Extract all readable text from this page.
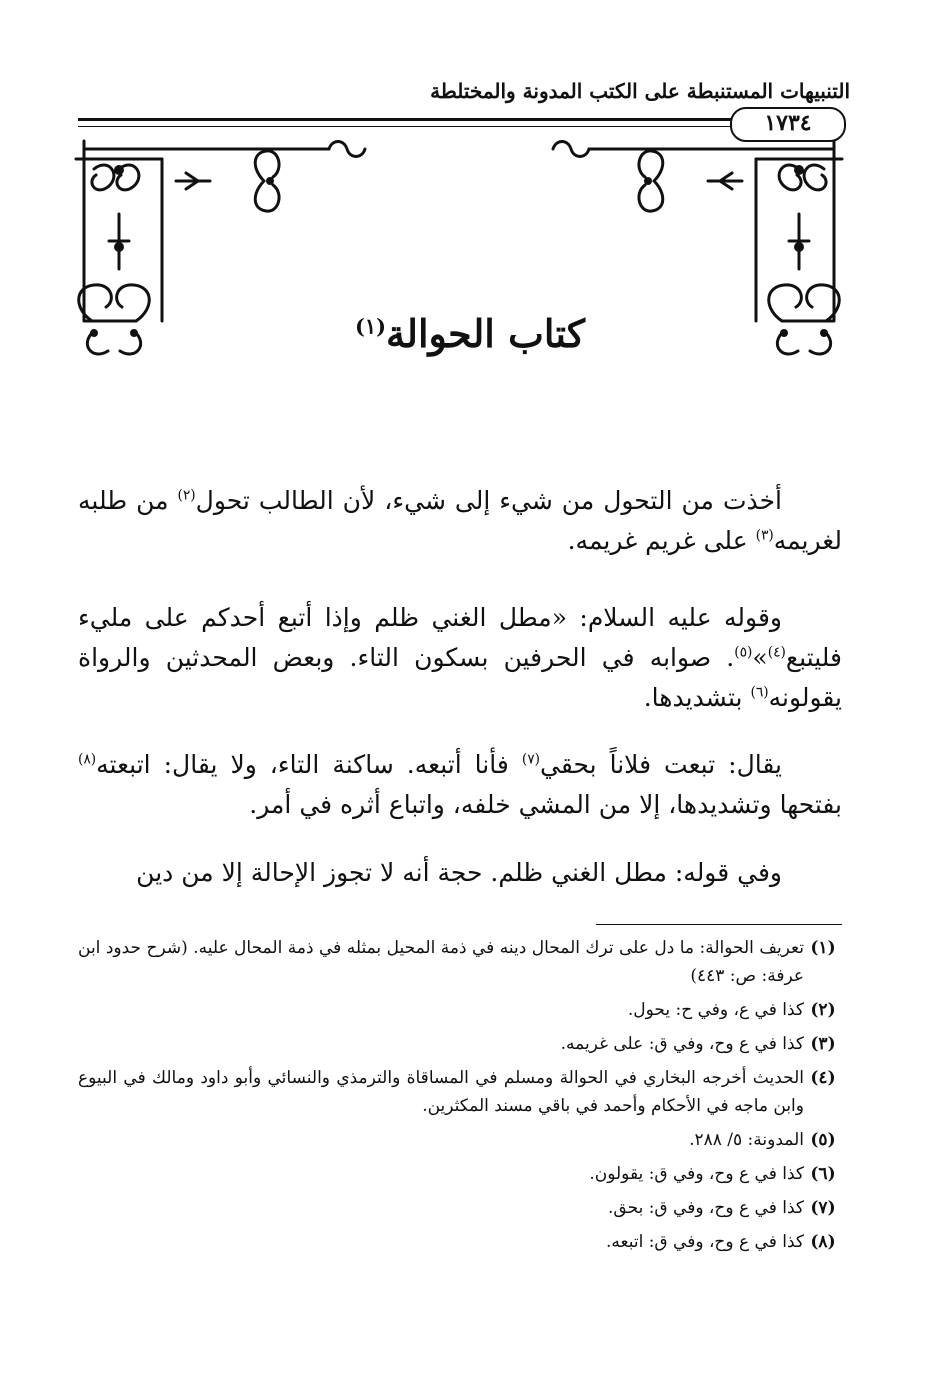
التنبيهات المستنبطة على الكتب المدونة والمختلطة
١٧٣٤
كتاب الحوالة$^{(١)}$
أخذت من التحول من شيء إلى شيء، لأن الطالب تحول$^{(٢)}$ من طلبه لغريمه$^{(٣)}$ على غريم غريمه.
وقوله عليه السلام: «مطل الغني ظلم وإذا أتبع أحدكم على مليء فليتبع$^{(٤)}$»$^{(٥)}$. صوابه في الحرفين بسكون التاء. وبعض المحدثين والرواة يقولونه$^{(٦)}$ بتشديدها.
يقال: تبعت فلاناً بحقي$^{(٧)}$ فأنا أتبعه. ساكنة التاء، ولا يقال: اتبعته$^{(٨)}$ بفتحها وتشديدها، إلا من المشي خلفه، واتباع أثره في أمر.
وفي قوله: مطل الغني ظلم. حجة أنه لا تجوز الإحالة إلا من دين
(١)
تعريف الحوالة: ما دل على ترك المحال دينه في ذمة المحيل بمثله في ذمة المحال عليه. (شرح حدود ابن عرفة: ص: ٤٤٣)
(٢)
كذا في ع، وفي ح: يحول.
(٣)
كذا في ع وح، وفي ق: على غريمه.
(٤)
الحديث أخرجه البخاري في الحوالة ومسلم في المساقاة والترمذي والنسائي وأبو داود ومالك في البيوع وابن ماجه في الأحكام وأحمد في باقي مسند المكثرين.
(٥)
المدونة: ٥/ ٢٨٨.
(٦)
كذا في ع وح، وفي ق: يقولون.
(٧)
كذا في ع وح، وفي ق: بحق.
(٨)
كذا في ع وح، وفي ق: اتبعه.
